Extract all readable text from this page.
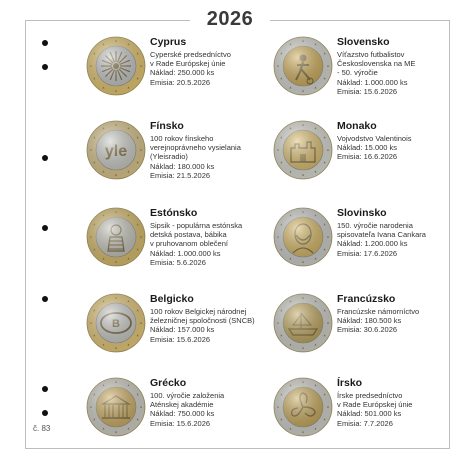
2026
č. 83

Cyprus

Cyperské predsedníctvo

v Rade Európskej únie

Náklad: 250.000 ks

Emisia: 20.5.2026

Slovensko

Víťazstvo futbalistov

Československa na ME

- 50. výročie

Náklad: 1.000.000 ks

Emisia: 15.6.2026

Fínsko

100 rokov fínskeho

verejnoprávneho vysielania

(Yleisradio)

Náklad: 180.000 ks

Emisia: 21.5.2026

Monako

Vojvodstvo Valentinois

Náklad: 15.000 ks

Emisia: 16.6.2026

Estónsko

Sipsik - populárna estónska

detská postava, bábika

v pruhovanom oblečení

Náklad: 1.000.000 ks

Emisia: 5.6.2026

Slovinsko

150. výročie narodenia

spisovateľa Ivana Cankara

Náklad: 1.200.000 ks

Emisia: 17.6.2026

Belgicko

100 rokov Belgickej národnej

železničnej spoločnosti (SNCB)

Náklad: 157.000 ks

Emisia: 15.6.2026

Francúzsko

Francúzske námorníctvo

Náklad: 180.500 ks

Emisia: 30.6.2026

Grécko

100. výročie založenia

Aténskej akadémie

Náklad: 750.000 ks

Emisia: 15.6.2026

Írsko

Írske predsedníctvo

v Rade Európskej únie

Náklad: 501.000 ks

Emisia: 7.7.2026
